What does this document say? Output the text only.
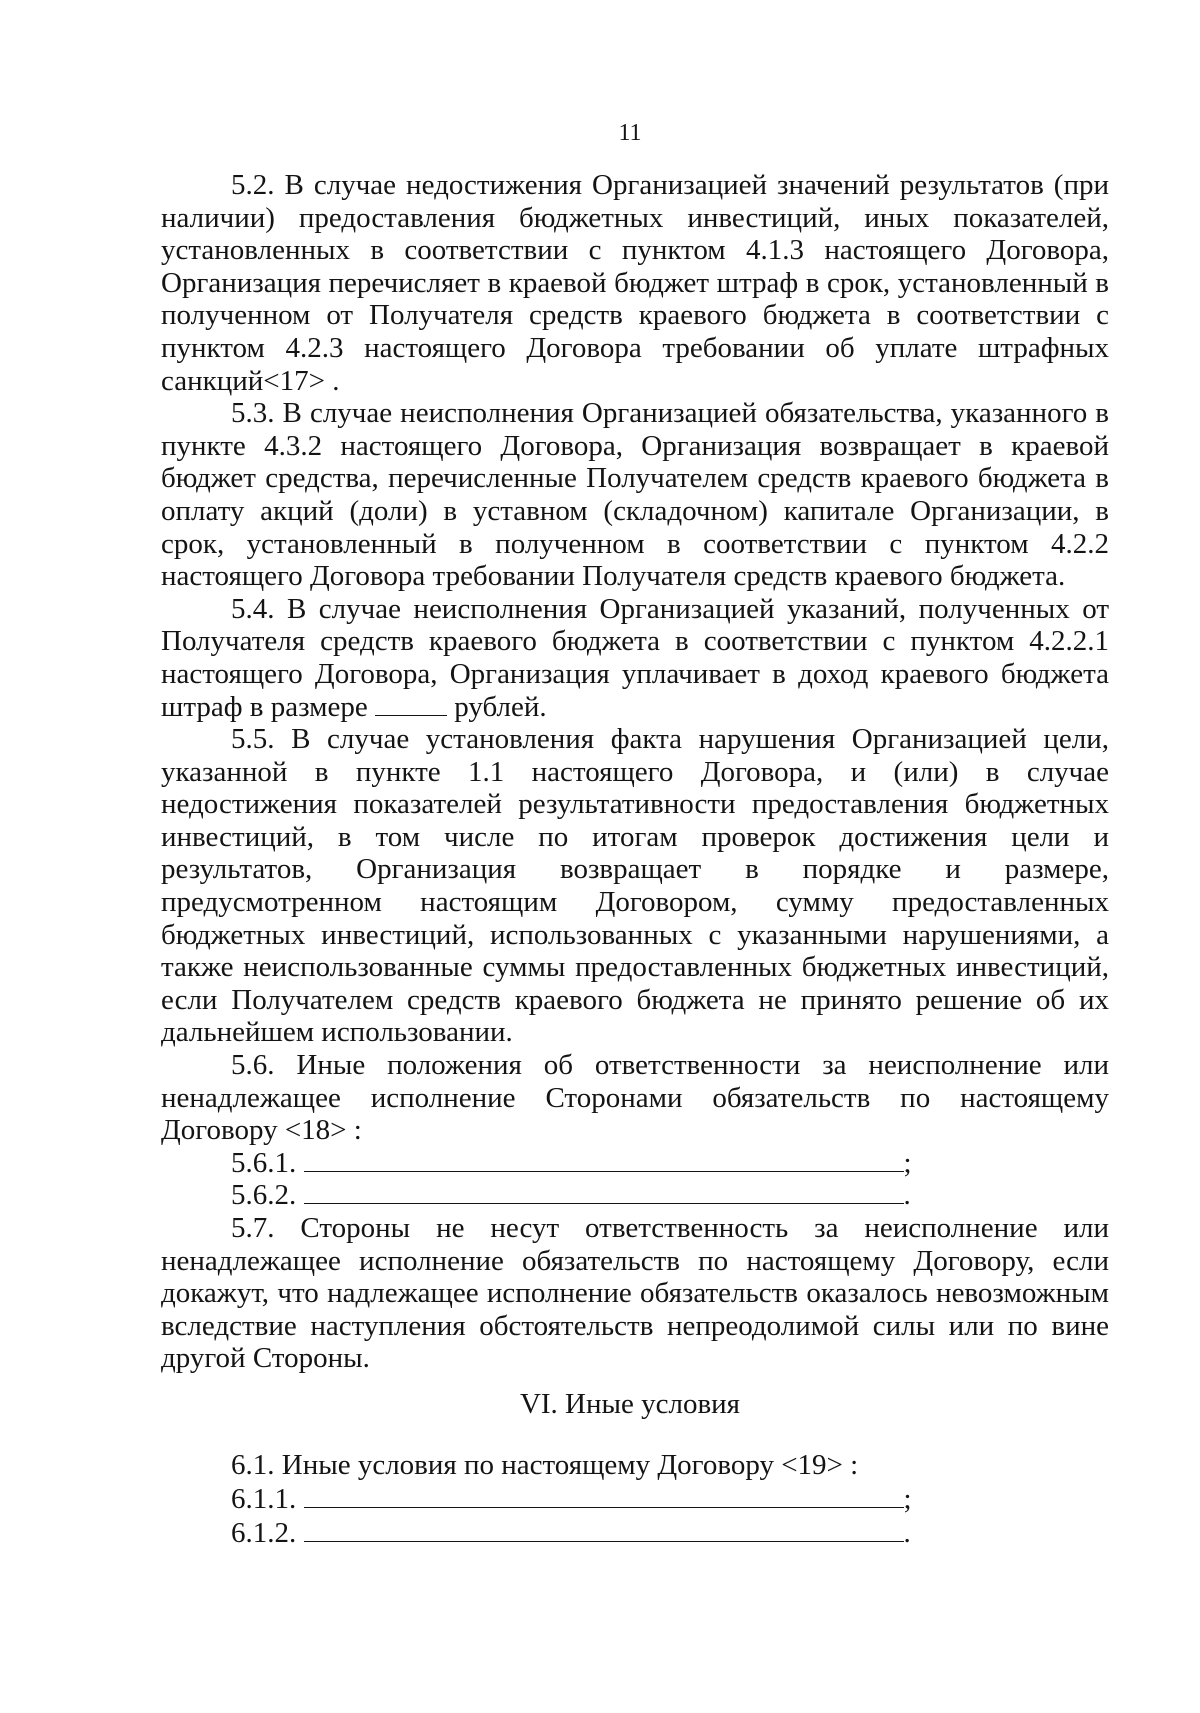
11

5.2. В случае недостижения Организацией значений результатов (при наличии) предоставления бюджетных инвестиций, иных показателей, установленных в соответствии с пунктом 4.1.3 настоящего Договора, Организация перечисляет в краевой бюджет штраф в срок, установленный в полученном от Получателя средств краевого бюджета в соответствии с пунктом 4.2.3 настоящего Договора требовании об уплате штрафных санкций<17> .

5.3. В случае неисполнения Организацией обязательства, указанного в пункте 4.3.2 настоящего Договора, Организация возвращает в краевой бюджет средства, перечисленные Получателем средств краевого бюджета в оплату акций (доли) в уставном (складочном) капитале Организации, в срок, установленный в полученном в соответствии с пунктом 4.2.2 настоящего Договора требовании Получателя средств краевого бюджета.

5.4. В случае неисполнения Организацией указаний, полученных от Получателя средств краевого бюджета в соответствии с пунктом 4.2.2.1 настоящего Договора, Организация уплачивает в доход краевого бюджета штраф в размере	рублей.

5.5. В случае установления факта нарушения Организацией цели, указанной в пункте 1.1 настоящего Договора, и (или) в случае недостижения показателей результативности предоставления бюджетных инвестиций, в том числе по итогам проверок достижения цели и результатов, Организация возвращает в порядке и размере, предусмотренном настоящим Договором, сумму предоставленных бюджетных инвестиций, использованных с указанными нарушениями, а также неиспользованные суммы предоставленных бюджетных инвестиций, если Получателем средств краевого бюджета не принято решение об их дальнейшем использовании.

5.6. Иные положения об ответственности за неисполнение или ненадлежащее исполнение Сторонами обязательств по настоящему Договору <18> :

5.6.1.	;

5.6.2.	.

5.7. Стороны не несут ответственность за неисполнение или ненадлежащее исполнение обязательств по настоящему Договору, если докажут, что надлежащее исполнение обязательств оказалось невозможным вследствие наступления обстоятельств непреодолимой силы или по вине другой Стороны.

VI. Иные условия

6.1. Иные условия по настоящему Договору <19> :

6.1.1.	;

6.1.2.	.
